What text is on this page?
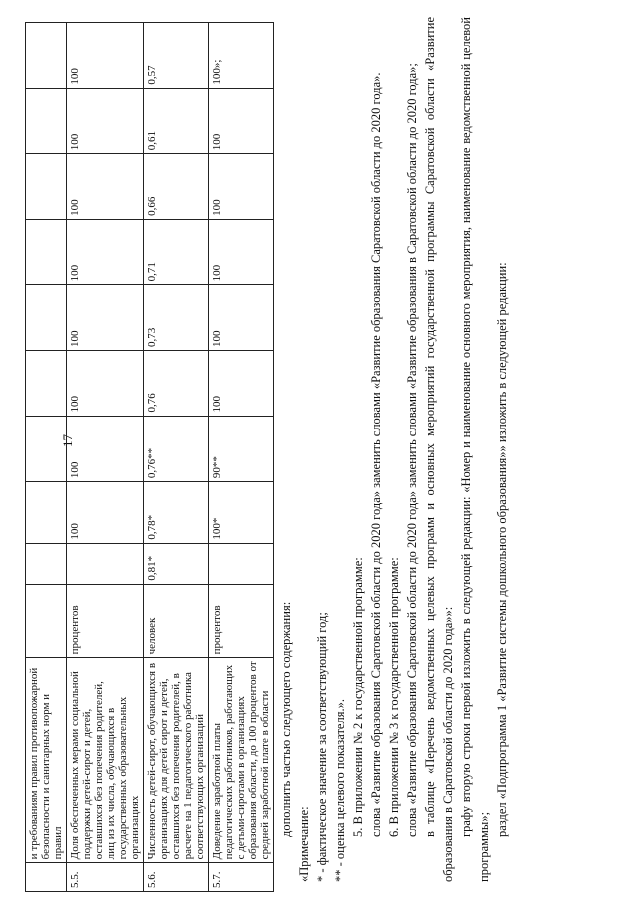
17
	и требованиям правил противопожарной безопасности и санитарных норм и правил										
5.5.	Доля обеспеченных мерами социальной поддержки детей-сирот и детей, оставшихся без попечения родителей, лиц из их числа, обучающихся в государственных образовательных организациях	процентов		100	100	100	100	100	100	100	100
5.6.	Численность детей-сирот, обучающихся в организациях для детей сирот и детей, оставшихся без попечения родителей, в расчете на 1 педагогического работника соответствующих организаций	человек	0,81*	0,78*	0,76**	0,76	0,73	0,71	0,66	0,61	0,57
5.7.	Доведение заработной платы педагогических работников, работающих с детьми-сиротами в организациях образования области, до 100 процентов от средней заработной плате в области	процентов		100*	90**	100	100	100	100	100	100»;

дополнить частью следующего содержания:

«Примечание: * - фактическое значение за соответствующий год; ** - оценка целевого показателя.». 5. В приложении № 2 к государственной программе: слова «Развитие образования Саратовской области до 2020 года» заменить словами «Развитие образования Саратовской области до 2020 года». 6. В приложении № 3 к государственной программе: слова «Развитие образования Саратовской области до 2020 года» заменить словами «Развитие образования в Саратовской области до 2020 года»; в таблице «Перечень ведомственных целевых программ и основных мероприятий государственной программы Саратовской области «Развитие образования в Саратовской области до 2020 года»»: графу вторую строки первой изложить в следующей редакции: «Номер и наименование основного мероприятия, наименование ведомственной целевой программы»;

раздел «Подпрограмма 1 «Развитие системы дошкольного образования»» изложить в следующей редакции:
